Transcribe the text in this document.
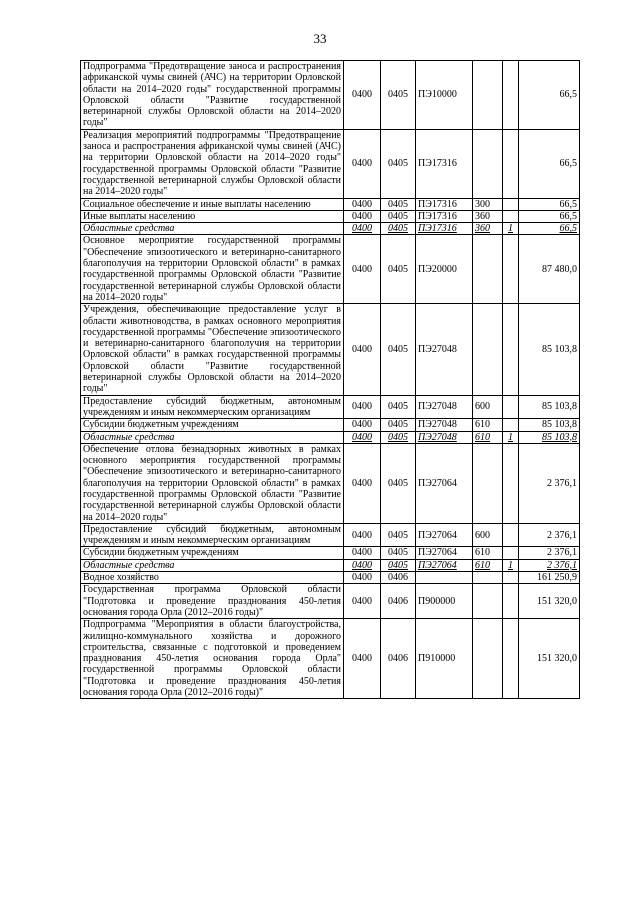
33
Подпрограмма "Предотвращение заноса и распространения африканской чумы свиней (АЧС) на территории Орловской области на 2014–2020 годы" государственной программы Орловской области "Развитие государственной ветеринарной службы Орловской области на 2014–2020 годы"	0400	0405	ПЭ10000			66,5
Реализация мероприятий подпрограммы "Предотвращение заноса и распространения африканской чумы свиней (АЧС) на территории Орловской области на 2014–2020 годы" государственной программы Орловской области "Развитие государственной ветеринарной службы Орловской области на 2014–2020 годы"	0400	0405	ПЭ17316			66,5
Социальное обеспечение и иные выплаты населению	0400	0405	ПЭ17316	300		66,5
Иные выплаты населению	0400	0405	ПЭ17316	360		66,5
Областные средства	0400	0405	ПЭ17316	360	1	66,5
Основное мероприятие государственной программы "Обеспечение эпизоотического и ветеринарно-санитарного благополучия на территории Орловской области" в рамках государственной программы Орловской области "Развитие государственной ветеринарной службы Орловской области на 2014–2020 годы"	0400	0405	ПЭ20000			87 480,0
Учреждения, обеспечивающие предоставление услуг в области животноводства, в рамках основного мероприятия государственной программы "Обеспечение эпизоотического и ветеринарно-санитарного благополучия на территории Орловской области" в рамках государственной программы Орловской области "Развитие государственной ветеринарной службы Орловской области на 2014–2020 годы"	0400	0405	ПЭ27048			85 103,8
Предоставление субсидий бюджетным, автономным учреждениям и иным некоммерческим организациям	0400	0405	ПЭ27048	600		85 103,8
Субсидии бюджетным учреждениям	0400	0405	ПЭ27048	610		85 103,8
Областные средства	0400	0405	ПЭ27048	610	1	85 103,8
Обеспечение отлова безнадзорных животных в рамках основного мероприятия государственной программы "Обеспечение эпизоотического и ветеринарно-санитарного благополучия на территории Орловской области" в рамках государственной программы Орловской области "Развитие государственной ветеринарной службы Орловской области на 2014–2020 годы"	0400	0405	ПЭ27064			2 376,1
Предоставление субсидий бюджетным, автономным учреждениям и иным некоммерческим организациям	0400	0405	ПЭ27064	600		2 376,1
Субсидии бюджетным учреждениям	0400	0405	ПЭ27064	610		2 376,1
Областные средства	0400	0405	ПЭ27064	610	1	2 376,1
Водное хозяйство	0400	0406				161 250,9
Государственная программа Орловской области "Подготовка и проведение празднования 450-летия основания города Орла (2012–2016 годы)"	0400	0406	П900000			151 320,0
Подпрограмма "Мероприятия в области благоустройства, жилищно-коммунального хозяйства и дорожного строительства, связанные с подготовкой и проведением празднования 450-летия основания города Орла" государственной программы Орловской области "Подготовка и проведение празднования 450-летия основания города Орла (2012–2016 годы)"	0400	0406	П910000			151 320,0
